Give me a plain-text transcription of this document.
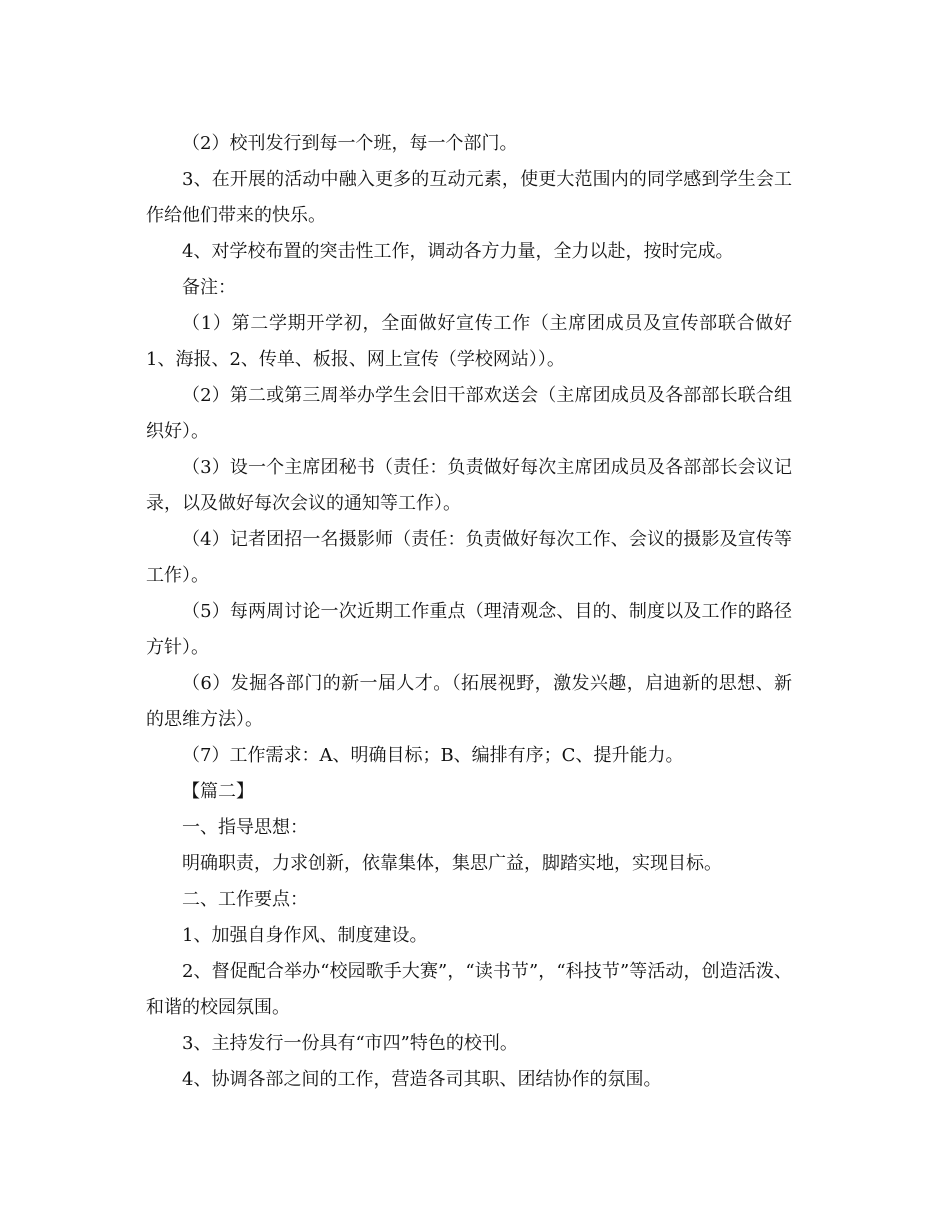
（2）校刊发行到每一个班，每一个部门。

3、在开展的活动中融入更多的互动元素，使更大范围内的同学感到学生会工作给他们带来的快乐。

4、对学校布置的突击性工作，调动各方力量，全力以赴，按时完成。

备注：

（1）第二学期开学初，全面做好宣传工作（主席团成员及宣传部联合做好1、海报、2、传单、板报、网上宣传（学校网站））。

（2）第二或第三周举办学生会旧干部欢送会（主席团成员及各部部长联合组织好）。

（3）设一个主席团秘书（责任：负责做好每次主席团成员及各部部长会议记录，以及做好每次会议的通知等工作）。

（4）记者团招一名摄影师（责任：负责做好每次工作、会议的摄影及宣传等工作）。

（5）每两周讨论一次近期工作重点（理清观念、目的、制度以及工作的路径方针）。

（6）发掘各部门的新一届人才。（拓展视野，激发兴趣，启迪新的思想、新的思维方法）。

（7）工作需求：A、明确目标；B、编排有序；C、提升能力。

【篇二】

一、指导思想：

明确职责，力求创新，依靠集体，集思广益，脚踏实地，实现目标。

二、工作要点：

1、加强自身作风、制度建设。

2、督促配合举办“校园歌手大赛”，“读书节”，“科技节”等活动，创造活泼、和谐的校园氛围。

3、主持发行一份具有“市四”特色的校刊。

4、协调各部之间的工作，营造各司其职、团结协作的氛围。
